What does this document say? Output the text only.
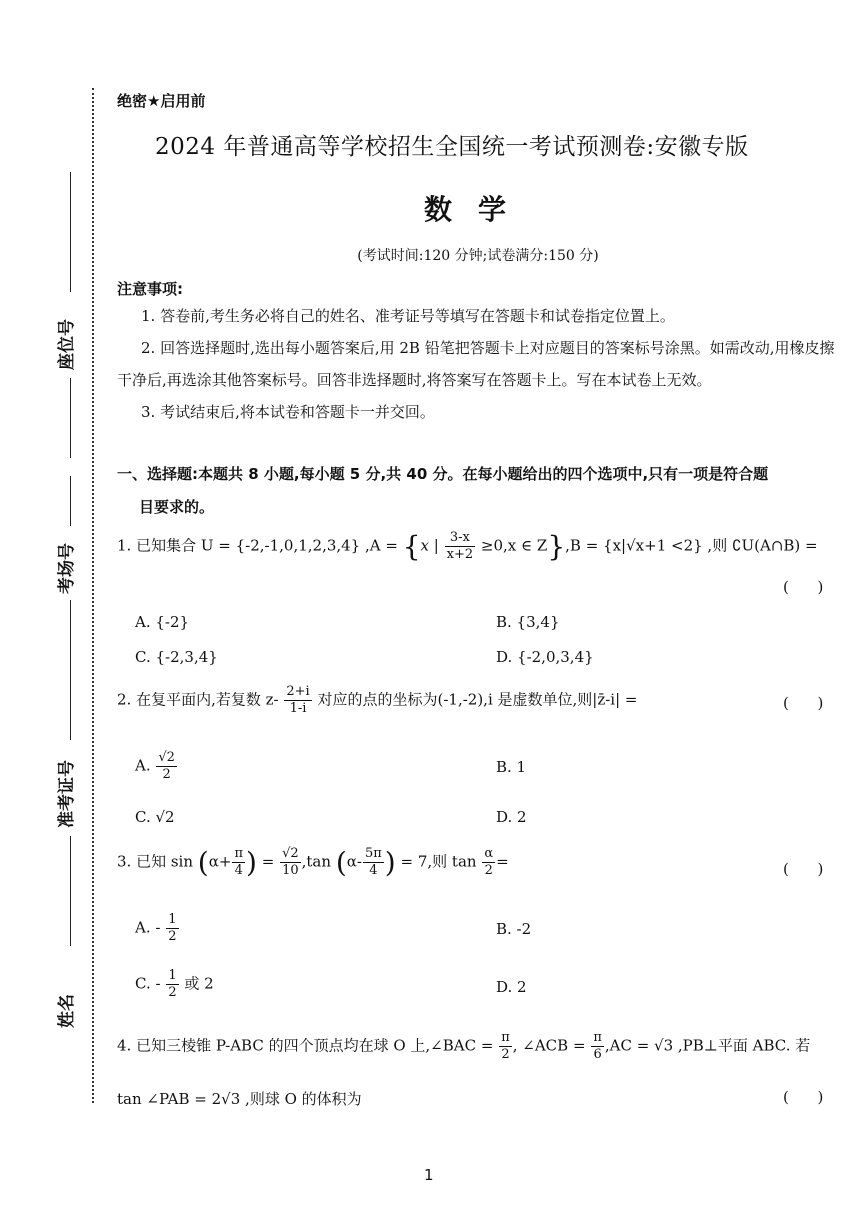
座位号
考场号
准考证号
姓名
绝密★启用前
2024 年普通高等学校招生全国统一考试预测卷:安徽专版
数学
(考试时间:120 分钟;试卷满分:150 分)
注意事项:

1. 答卷前,考生务必将自己的姓名、准考证号等填写在答题卡和试卷指定位置上。

2. 回答选择题时,选出每小题答案后,用 2B 铅笔把答题卡上对应题目的答案标号涂黑。如需改动,用橡皮擦干净后,再选涂其他答案标号。回答非选择题时,将答案写在答题卡上。写在本试卷上无效。

3. 考试结束后,将本试卷和答题卡一并交回。

一、选择题:本题共 8 小题,每小题 5 分,共 40 分。在每小题给出的四个选项中,只有一项是符合题
目要求的。
1. 已知集合 U = {-2,-1,0,1,2,3,4} ,A = {x | $\frac{3-x}{x+2} \ge 0,x$ ∈ Z},B = {x|√x+1 <2} ,则 ∁U(A∩B) =
(      )
A. {-2}	B. {3,4}
C. {-2,3,4}	D. {-2,0,3,4}
2. 在复平面内,若复数 $z- \frac{2+i}{1-i}$ 对应的点的坐标为(-1,-2),i 是虚数单位,则|z̄-i| =	(      )
A. $\frac{√2}{2}$	B. 1
C. √2	D. 2
3. 已知 $\sin (\alpha+ \frac{\pi}{4}$ ) = $\frac{√2}{10} ,\tan$ ($\alpha- \frac{5\pi}{4}$ ) = 7,则 $\tan \frac{\alpha}{2}$ =	(      )
A. - $\frac{1}{2}$	B. -2
C. - $\frac{1}{2}$ 或 2	D. 2
4. 已知三棱锥 P-ABC 的四个顶点均在球 O 上,∠BAC = $\frac{\pi}{2}$ , ∠ACB = $\frac{\pi}{6} ,AC = √3$ ,PB⊥平面 ABC. 若
tan ∠PAB = 2√3 ,则球 O 的体积为	(      )
1
